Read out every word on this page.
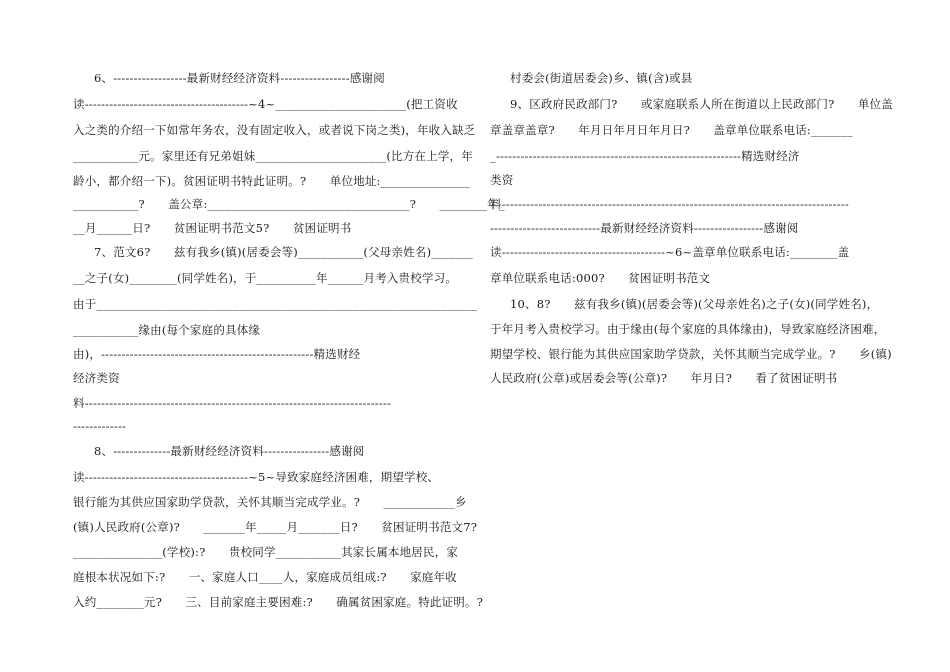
6、------------------最新财经经济资料-----------------感谢阅
读----------------------------------------~4~______________________(把工资收
入之类的介绍一下如常年务农，没有固定收入，或者说下岗之类)，年收入缺乏
___________元。家里还有兄弟姐妹______________________(比方在上学，年
龄小，都介绍一下)。贫困证明书特此证明。?　　单位地址:_______________
___________?　　盖公章:__________________________________?　　________年_
__月______日?　　贫困证明书范文5?　　贫困证明书
7、范文6?　　兹有我乡(镇)(居委会等)___________(父母亲姓名)_______
__之子(女)________(同学姓名)，于__________年______月考入贵校学习。
由于________________________________________________________________
___________缘由(每个家庭的具体缘
由)，----------------------------------------------------精选财经
经济类资
料---------------------------------------------------------------------------
-------------
8、--------------最新财经经济资料----------------感谢阅
读----------------------------------------~5~导致家庭经济困难，期望学校、
银行能为其供应国家助学贷款，关怀其顺当完成学业。?　　____________乡
(镇)人民政府(公章)?　　_______年_____月_______日?　　贫困证明书范文7?
_______________(学校):?　　贵校同学___________其家长属本地居民，家
庭根本状况如下:?　　一、家庭人口____人，家庭成员组成:?　　家庭年收
入约________元?　　三、目前家庭主要困难:?　　确属贫困家庭。特此证明。?
村委会(街道居委会)乡、镇(含)或县
9、区政府民政部门?　　或家庭联系人所在街道以上民政部门?　　单位盖
章盖章盖章?　　年月日年月日年月日?　　盖章单位联系电话:_______
_------------------------------------------------------------精选财经济
类资
料-------------------------------------------------------------------------------------
---------------------------最新财经经济资料-----------------感谢阅
读----------------------------------------~6~盖章单位联系电话:________盖
章单位联系电话:000?　　贫困证明书范文
10、8?　　兹有我乡(镇)(居委会等)(父母亲姓名)之子(女)(同学姓名)，
于年月考入贵校学习。由于缘由(每个家庭的具体缘由)，导致家庭经济困难，
期望学校、银行能为其供应国家助学贷款，关怀其顺当完成学业。?　　乡(镇)
人民政府(公章)或居委会等(公章)?　　年月日?　　看了贫困证明书
